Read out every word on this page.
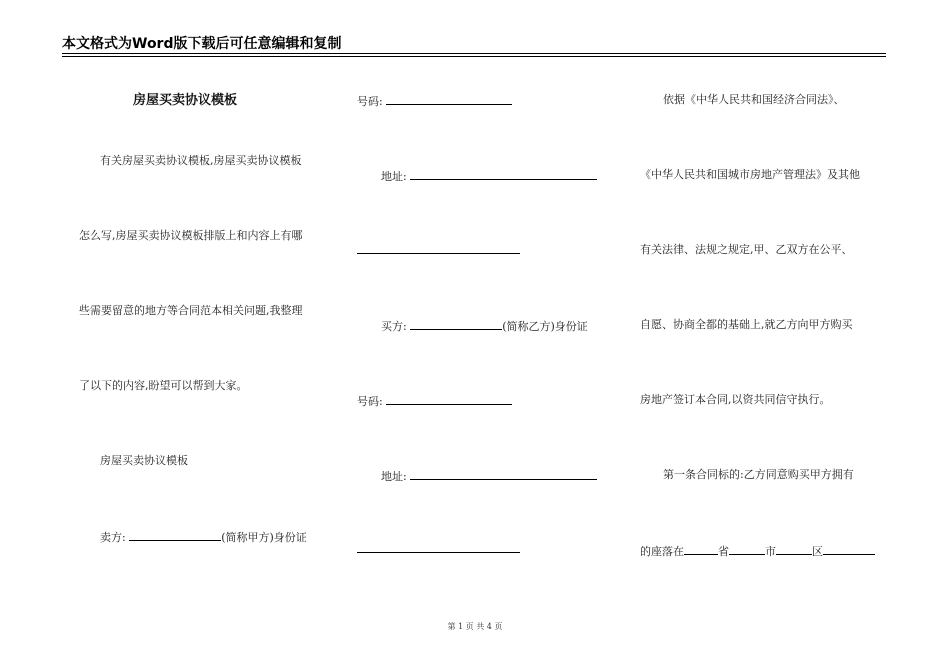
本文格式为Word版下载后可任意编辑和复制
房屋买卖协议模板
有关房屋买卖协议模板,房屋买卖协议模板
怎么写,房屋买卖协议模板排版上和内容上有哪
些需要留意的地方等合同范本相关问题,我整理
了以下的内容,盼望可以帮到大家。
房屋买卖协议模板
卖方:	(简称甲方)身份证
号码:
地址:
买方:	(简称乙方)身份证
号码:
地址:
依据《中华人民共和国经济合同法》、
《中华人民共和国城市房地产管理法》及其他
有关法律、法规之规定,甲、乙双方在公平、
自愿、协商全都的基础上,就乙方向甲方购买
房地产签订本合同,以资共同信守执行。
第一条合同标的:乙方同意购买甲方拥有
的座落在	省	市	区
第 1 页 共 4 页
